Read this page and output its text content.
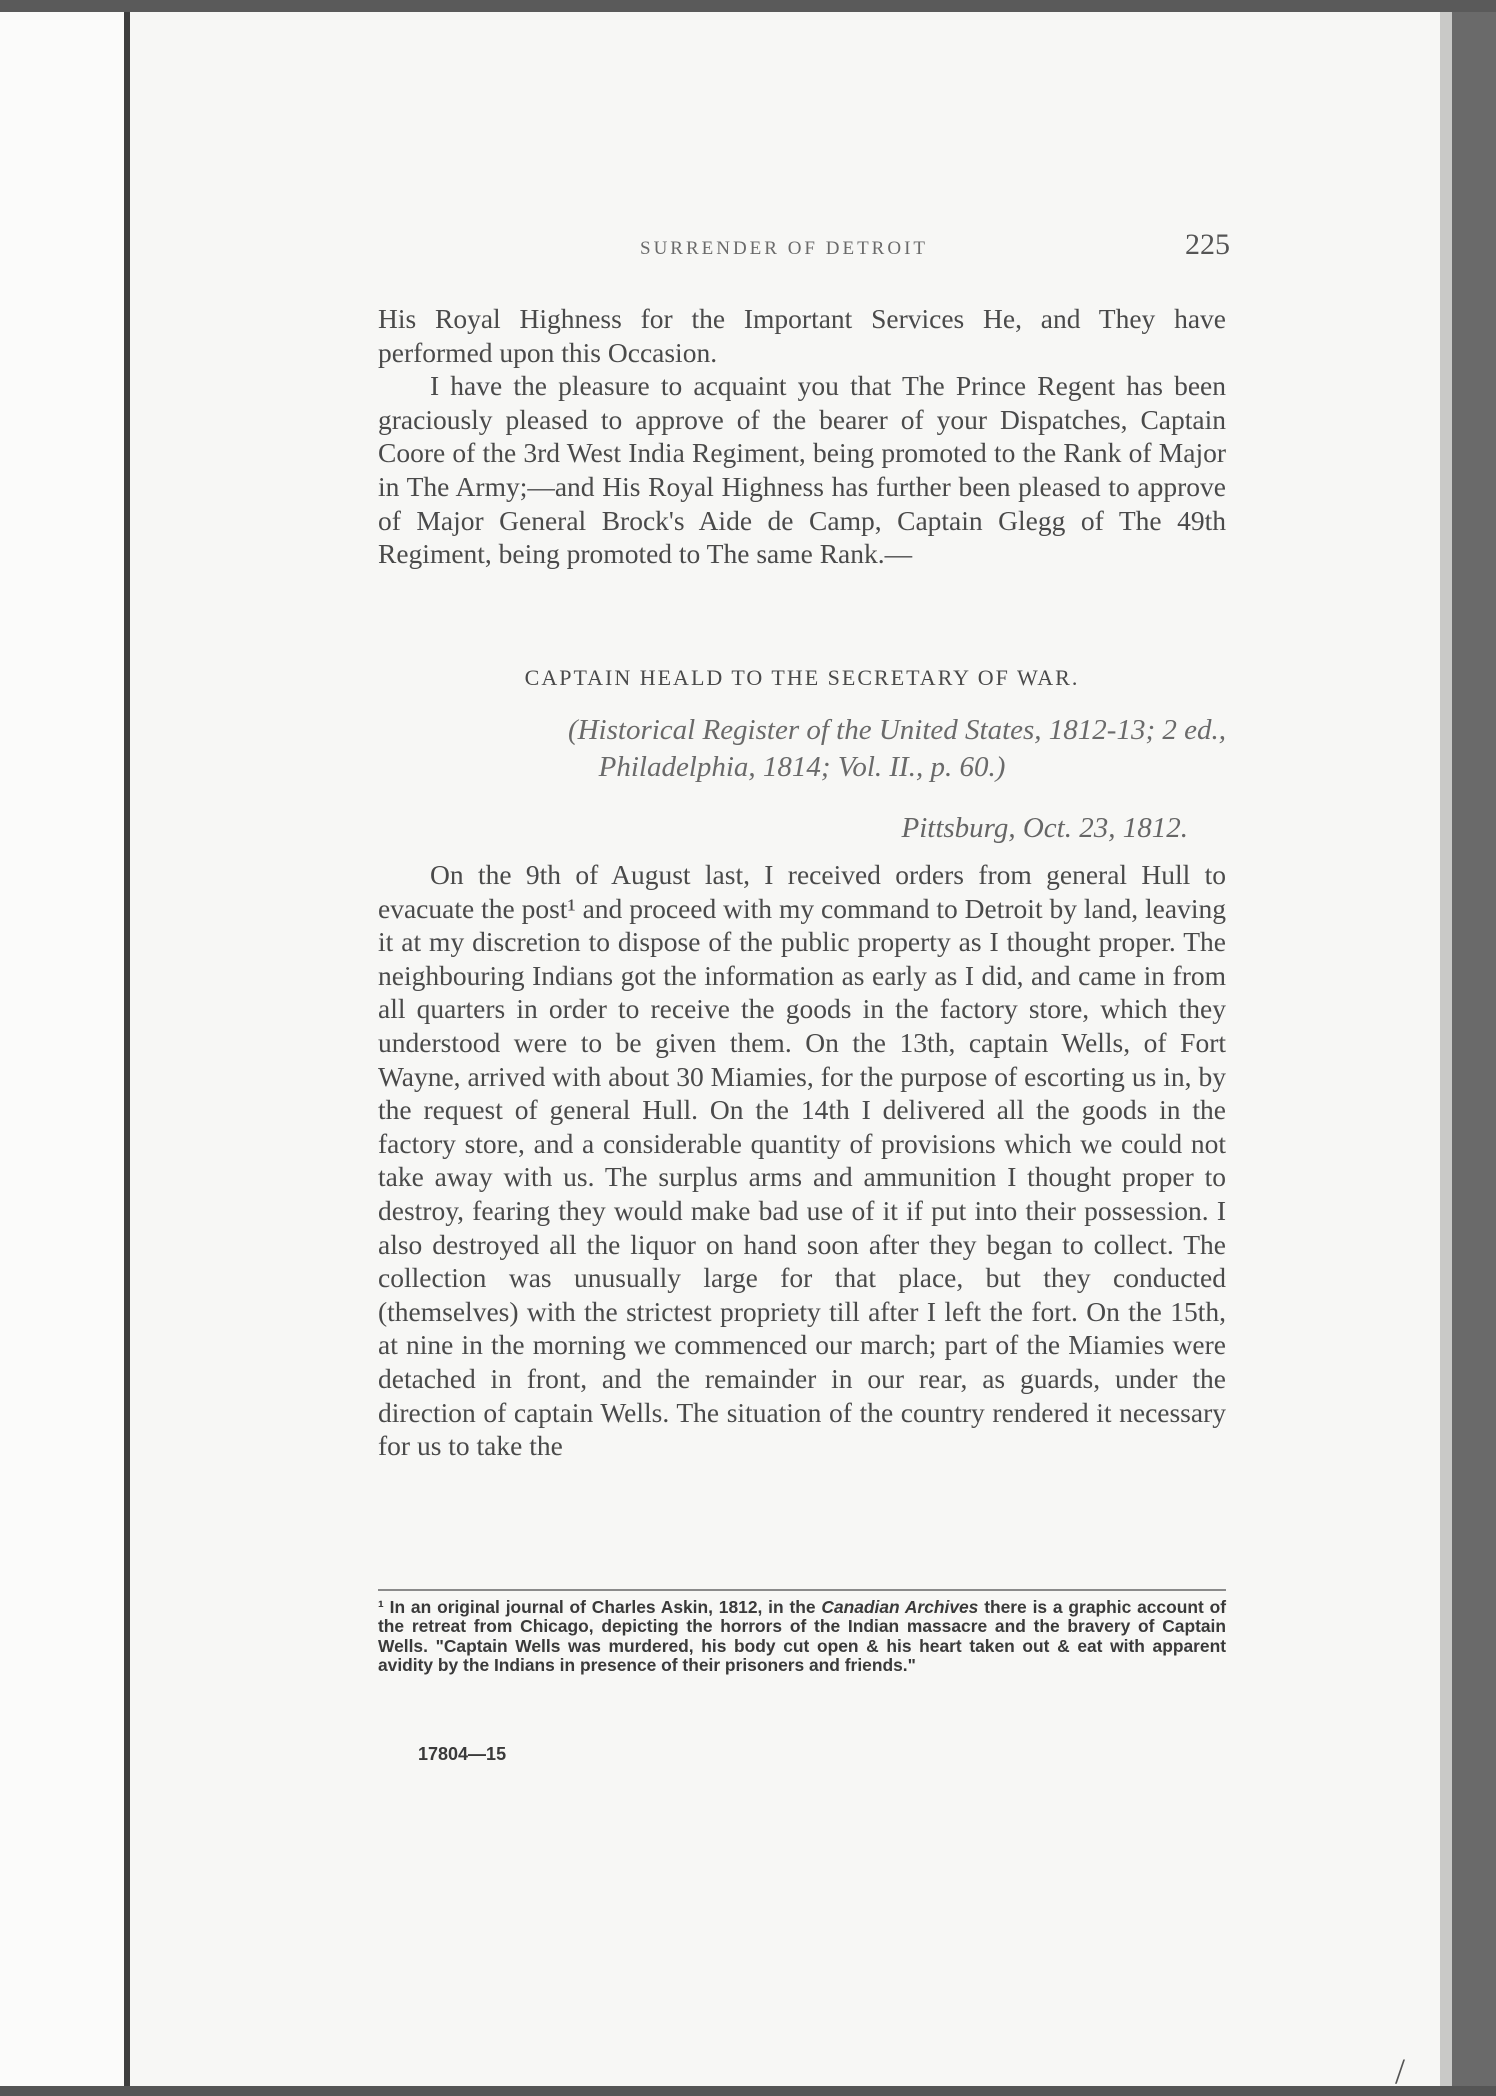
SURRENDER OF DETROIT	225

His Royal Highness for the Important Services He, and They have performed upon this Occasion.

I have the pleasure to acquaint you that The Prince Regent has been graciously pleased to approve of the bearer of your Dispatches, Captain Coore of the 3rd West India Regiment, being promoted to the Rank of Major in The Army;—and His Royal Highness has further been pleased to approve of Major General Brock's Aide de Camp, Captain Glegg of The 49th Regiment, being promoted to The same Rank.—

CAPTAIN HEALD TO THE SECRETARY OF WAR.
(Historical Register of the United States, 1812-13; 2 ed.,
Philadelphia, 1814; Vol. II., p. 60.)
Pittsburg, Oct. 23, 1812.

On the 9th of August last, I received orders from general Hull to evacuate the post¹ and proceed with my command to Detroit by land, leaving it at my discretion to dispose of the public property as I thought proper. The neighbouring Indians got the information as early as I did, and came in from all quarters in order to receive the goods in the factory store, which they understood were to be given them. On the 13th, captain Wells, of Fort Wayne, arrived with about 30 Miamies, for the purpose of escorting us in, by the request of general Hull. On the 14th I delivered all the goods in the factory store, and a considerable quantity of provisions which we could not take away with us. The surplus arms and ammunition I thought proper to destroy, fearing they would make bad use of it if put into their possession. I also destroyed all the liquor on hand soon after they began to collect. The collection was unusually large for that place, but they conducted (themselves) with the strictest propriety till after I left the fort. On the 15th, at nine in the morning we commenced our march; part of the Miamies were detached in front, and the remainder in our rear, as guards, under the direction of captain Wells. The situation of the country rendered it necessary for us to take the

¹ In an original journal of Charles Askin, 1812, in the Canadian Archives there is a graphic account of the retreat from Chicago, depicting the horrors of the Indian massacre and the bravery of Captain Wells. "Captain Wells was murdered, his body cut open & his heart taken out & eat with apparent avidity by the Indians in presence of their prisoners and friends."
17804—15
/
